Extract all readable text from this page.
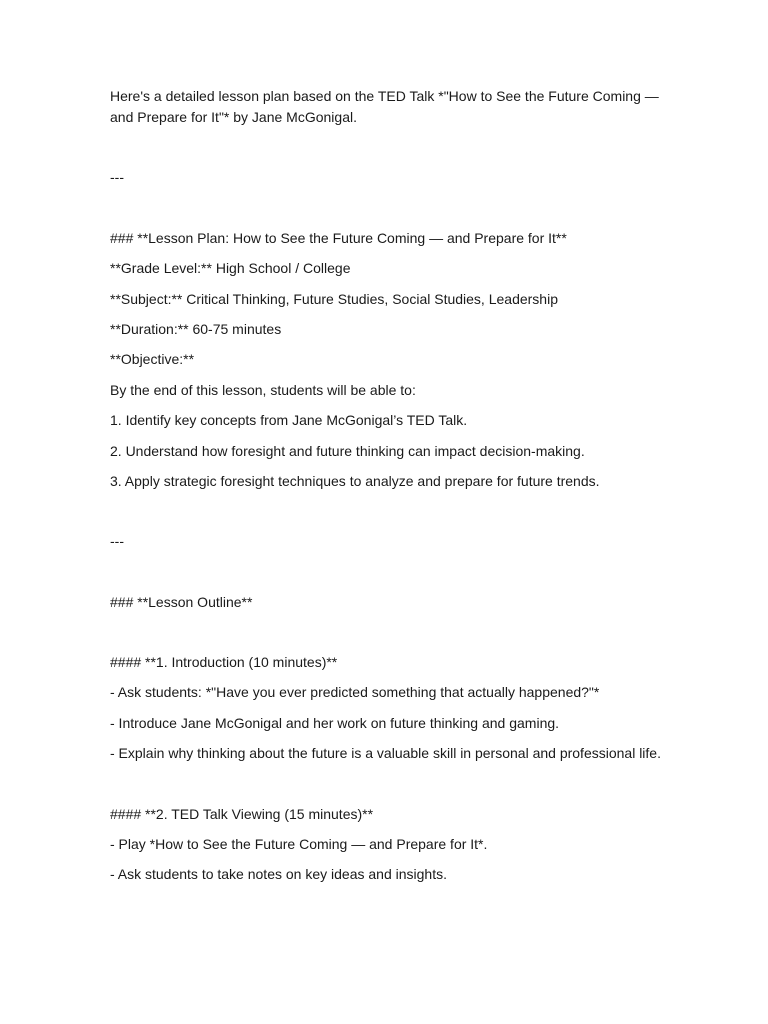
Here's a detailed lesson plan based on the TED Talk *"How to See the Future Coming — and Prepare for It"* by Jane McGonigal.

---

### **Lesson Plan: How to See the Future Coming — and Prepare for It**

**Grade Level:** High School / College

**Subject:** Critical Thinking, Future Studies, Social Studies, Leadership

**Duration:** 60-75 minutes

**Objective:**

By the end of this lesson, students will be able to:

1. Identify key concepts from Jane McGonigal’s TED Talk.

2. Understand how foresight and future thinking can impact decision-making.

3. Apply strategic foresight techniques to analyze and prepare for future trends.

---

### **Lesson Outline**

#### **1. Introduction (10 minutes)**

- Ask students: *"Have you ever predicted something that actually happened?"*

- Introduce Jane McGonigal and her work on future thinking and gaming.

- Explain why thinking about the future is a valuable skill in personal and professional life.

#### **2. TED Talk Viewing (15 minutes)**

- Play *How to See the Future Coming — and Prepare for It*.

- Ask students to take notes on key ideas and insights.
